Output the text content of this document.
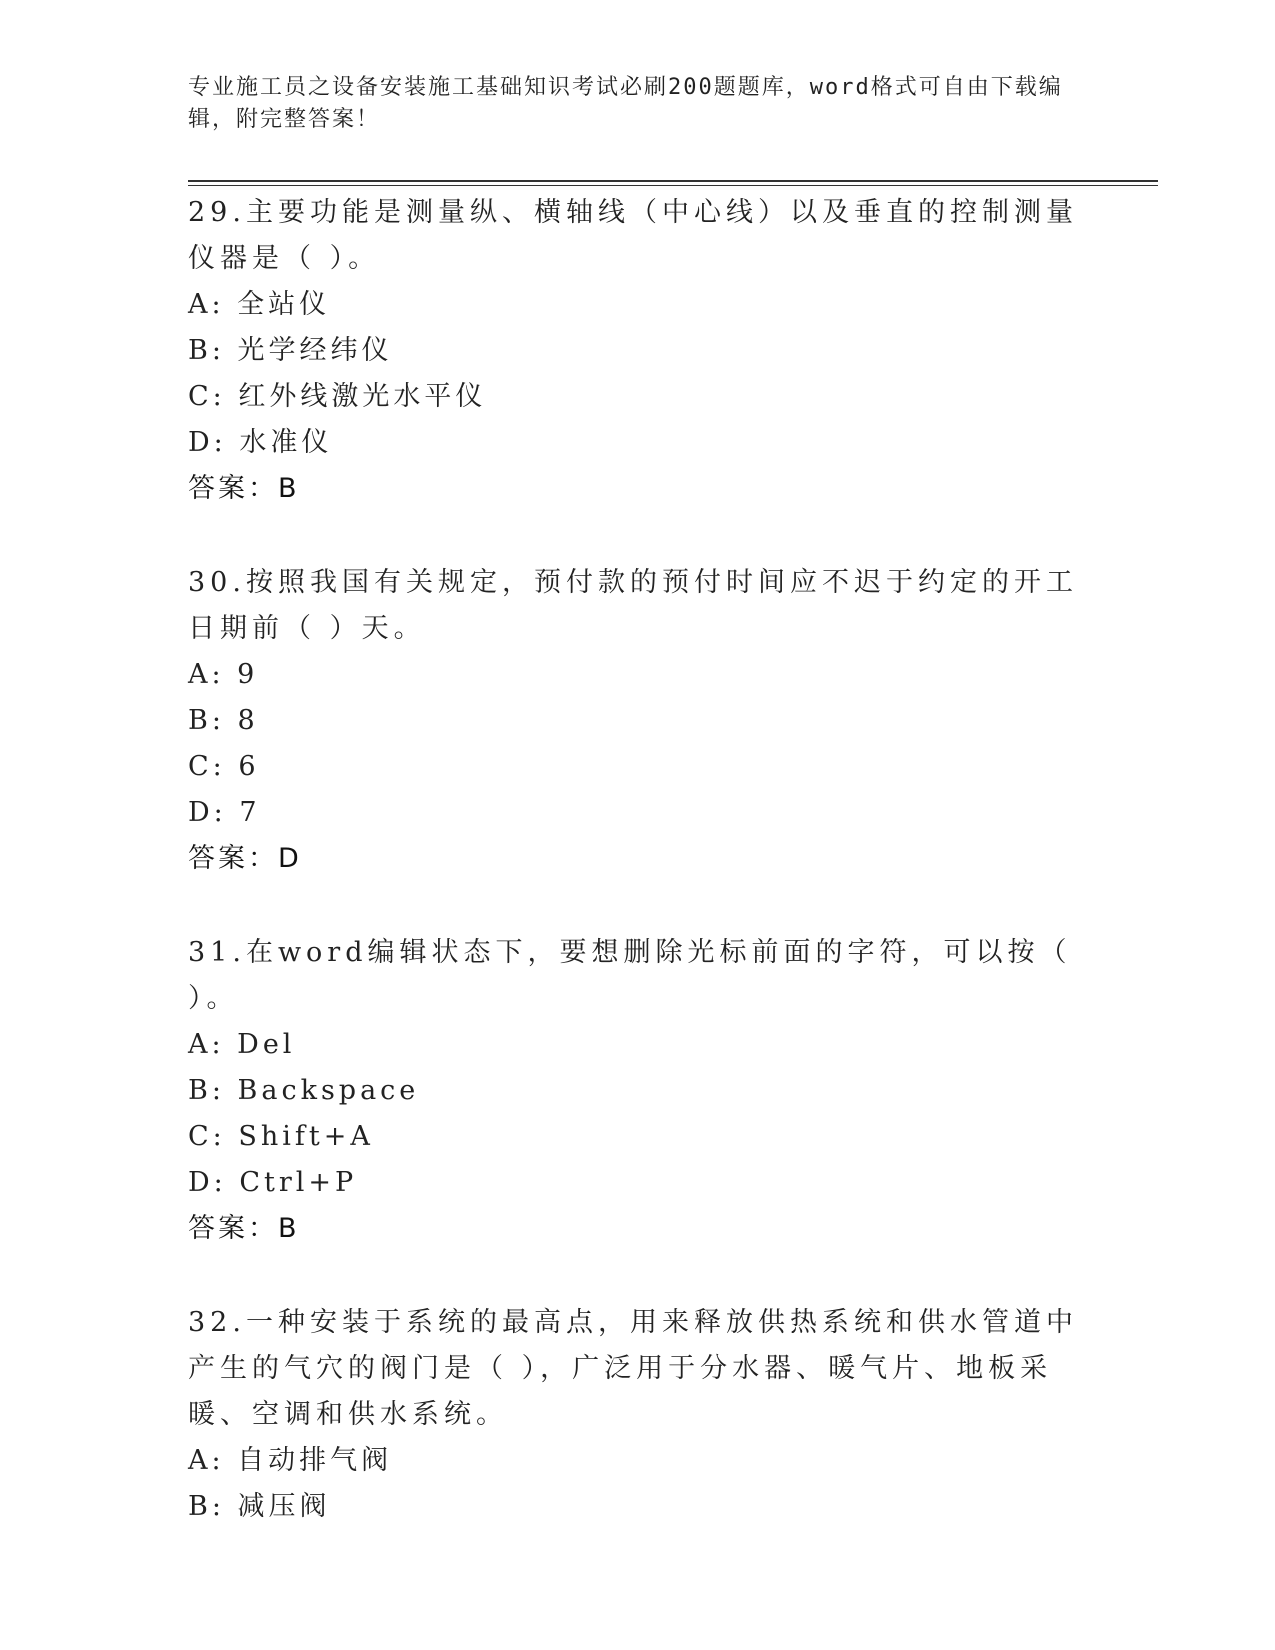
专业施工员之设备安装施工基础知识考试必刷200题题库，word格式可自由下载编辑，附完整答案！

29.主要功能是测量纵、横轴线（中心线）以及垂直的控制测量仪器是（ ）。

A: 全站仪

B: 光学经纬仪

C: 红外线激光水平仪

D: 水准仪

答案：B

30.按照我国有关规定，预付款的预付时间应不迟于约定的开工日期前（ ）天。

A: 9

B: 8

C: 6

D: 7

答案：D

31.在word编辑状态下，要想删除光标前面的字符，可以按（ ）。

A: Del

B: Backspace

C: Shift+A

D: Ctrl+P

答案：B

32.一种安装于系统的最高点，用来释放供热系统和供水管道中产生的气穴的阀门是（ ），广泛用于分水器、暖气片、地板采暖、空调和供水系统。

A: 自动排气阀

B: 减压阀
